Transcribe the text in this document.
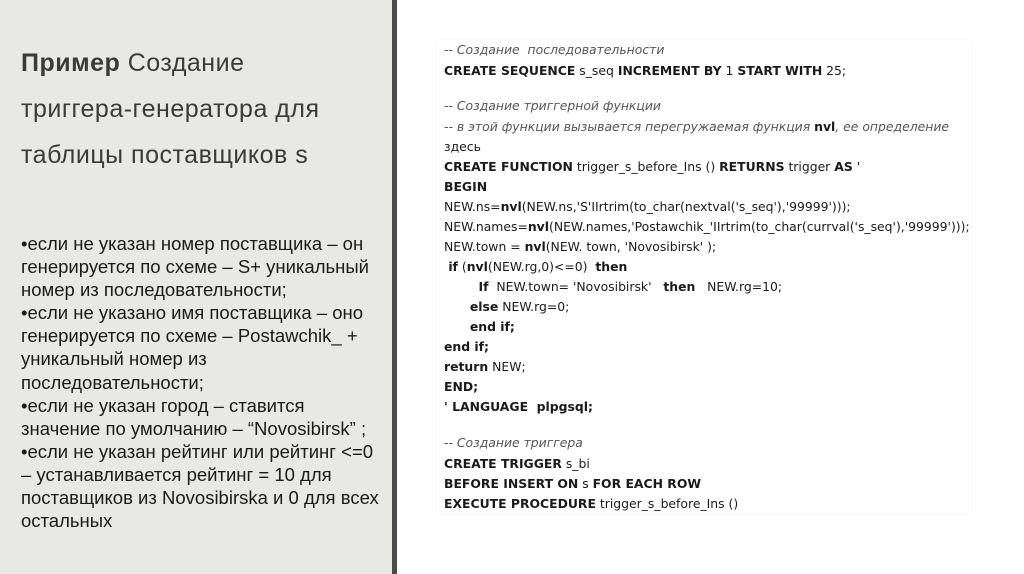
Пример Создание
триггера-генератора для
таблицы поставщиков s

•если не указан номер поставщика – он генерируется по схеме – S+ уникальный номер из последовательности;

•если не указано имя поставщика – оно генерируется по схеме – Postawchik_ + уникальный номер из последовательности;

•если не указан город – ставится значение по умолчанию – “Novosibirsk” ;

•если не указан рейтинг или рейтинг <=0 – устанавливается рейтинг = 10 для поставщиков из Novosibirska и 0 для всех остальных

-- Создание  последовательности
CREATE SEQUENCE s_seq INCREMENT BY 1 START WITH 25;
-- Создание триггерной функции
-- в этой функции вызывается перегружаемая функция nvl, ее определение
здесь
CREATE FUNCTION trigger_s_before_Ins () RETURNS trigger AS '
BEGIN
NEW.ns=nvl(NEW.ns,'S'IIrtrim(to_char(nextval('s_seq'),'99999')));
NEW.names=nvl(NEW.names,'Postawchik_'IIrtrim(to_char(currval('s_seq'),'99999')));
NEW.town = nvl(NEW. town, 'Novosibirsk' );
if (nvl(NEW.rg,0)<=0)  then
If  NEW.town= 'Novosibirsk'   then   NEW.rg=10;
else NEW.rg=0;
end if;
end if;
return NEW;
END;
' LANGUAGE  plpgsql;
-- Создание триггера
CREATE TRIGGER s_bi
BEFORE INSERT ON s FOR EACH ROW
EXECUTE PROCEDURE trigger_s_before_Ins ()
